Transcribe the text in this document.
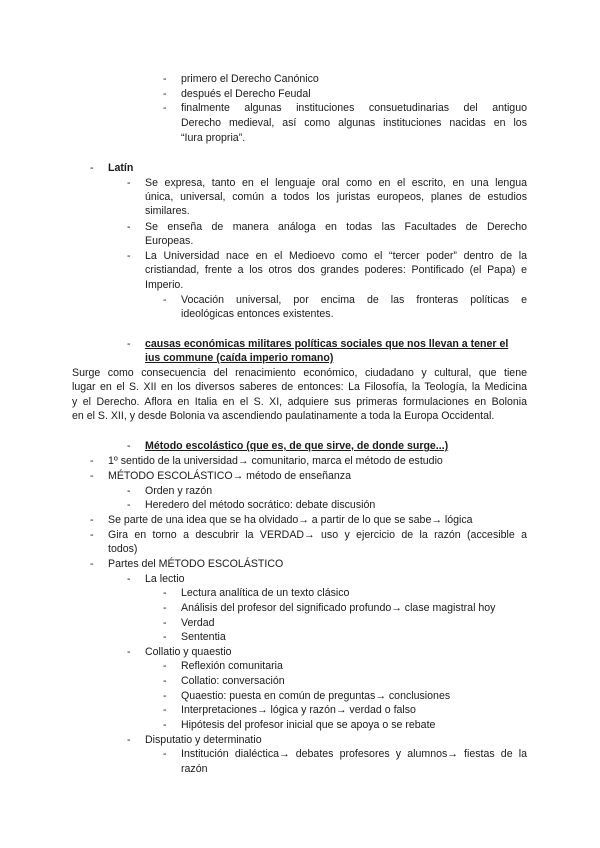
- primero el Derecho Canónico
- después el Derecho Feudal
- finalmente algunas instituciones consuetudinarias del antiguo
Derecho medieval, así como algunas instituciones nacidas en los
“Iura propria”.
- Latín
- Se expresa, tanto en el lenguaje oral como en el escrito, en una lengua
única, universal, común a todos los juristas europeos, planes de estudios
similares.
- Se enseña de manera análoga en todas las Facultades de Derecho
Europeas.
- La Universidad nace en el Medioevo como el “tercer poder” dentro de la
cristiandad, frente a los otros dos grandes poderes: Pontificado (el Papa) e
Imperio.
- Vocación universal, por encima de las fronteras políticas e
ideológicas entonces existentes.
- causas económicas militares políticas sociales que nos llevan a tener el
ius commune (caída imperio romano)
Surge como consecuencia del renacimiento económico, ciudadano y cultural, que tiene
lugar en el S. XII en los diversos saberes de entonces: La Filosofía, la Teología, la Medicina
y el Derecho. Aflora en Italia en el S. XI, adquiere sus primeras formulaciones en Bolonia
en el S. XII, y desde Bolonia va ascendiendo paulatinamente a toda la Europa Occidental.
- Método escolástico (que es, de que sirve, de donde surge...)
- 1º sentido de la universidad→ comunitario, marca el método de estudio
- MÉTODO ESCOLÁSTICO→ método de enseñanza
- Orden y razón
- Heredero del método socrático: debate discusión
- Se parte de una idea que se ha olvidado→ a partir de lo que se sabe→ lógica
- Gira en torno a descubrir la VERDAD→ uso y ejercicio de la razón (accesible a
todos)
- Partes del MÉTODO ESCOLÁSTICO
- La lectio
- Lectura analítica de un texto clásico
- Análisis del profesor del significado profundo→ clase magistral hoy
- Verdad
- Sententia
- Collatio y quaestio
- Reflexión comunitaria
- Collatio: conversación
- Quaestio: puesta en común de preguntas→ conclusiones
- Interpretaciones→ lógica y razón→ verdad o falso
- Hipótesis del profesor inicial que se apoya o se rebate
- Disputatio y determinatio
- Institución dialéctica→ debates profesores y alumnos→ fiestas de la
razón
